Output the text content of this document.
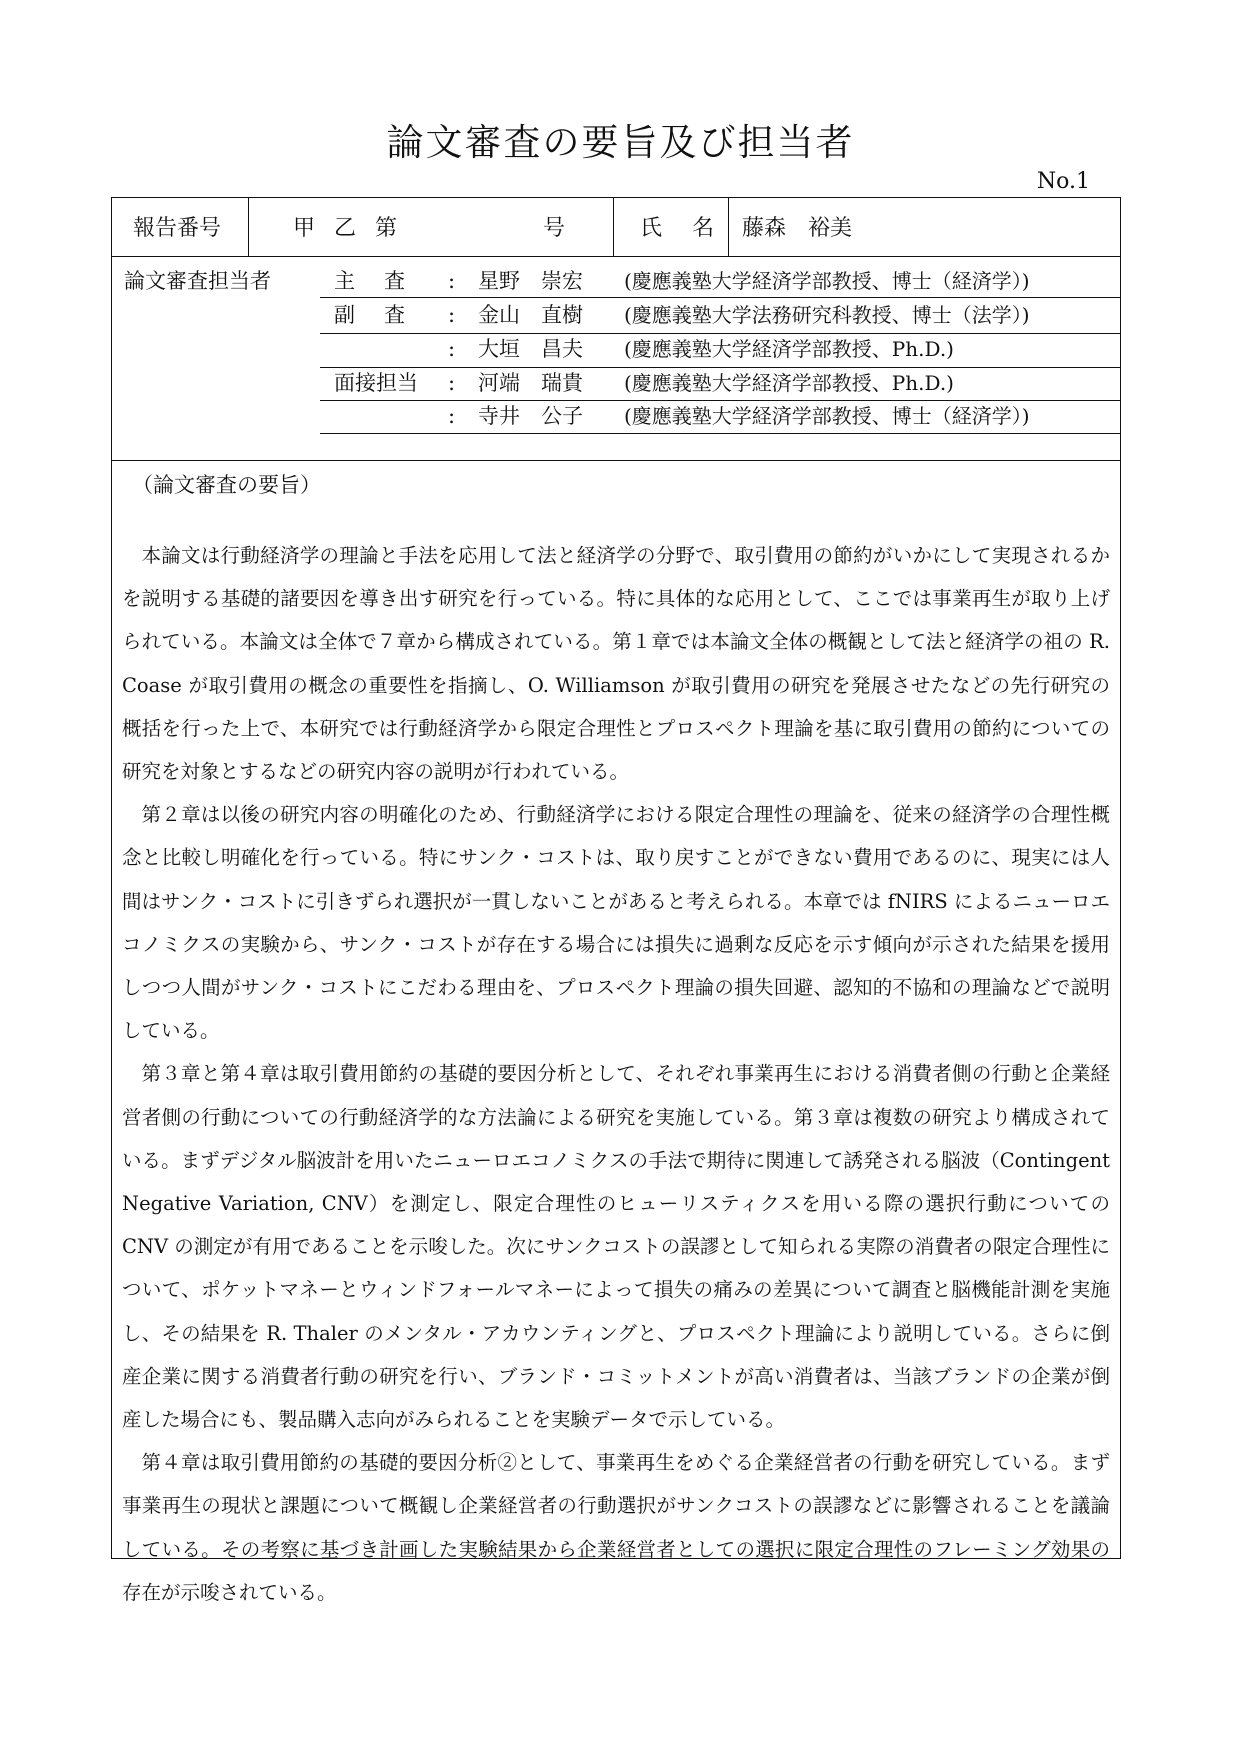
論文審査の要旨及び担当者
No.1
報告番号	甲 乙 第　　　　　号	氏　名 藤森　裕美
論文審査担当者	主　査 : 星野　崇宏 (慶應義塾大学経済学部教授、博士（経済学）)
副　査 : 金山　直樹 (慶應義塾大学法務研究科教授、博士（法学）)
: 大垣　昌夫 (慶應義塾大学経済学部教授、Ph.D.)
面接担当 : 河端　瑞貴 (慶應義塾大学経済学部教授、Ph.D.)
: 寺井　公子 (慶應義塾大学経済学部教授、博士（経済学）)
（論文審査の要旨）

本論文は行動経済学の理論と手法を応用して法と経済学の分野で、取引費用の節約がいかにして実現されるかを説明する基礎的諸要因を導き出す研究を行っている。特に具体的な応用として、ここでは事業再生が取り上げられている。本論文は全体で７章から構成されている。第１章では本論文全体の概観として法と経済学の祖の R. Coase が取引費用の概念の重要性を指摘し、O. Williamson が取引費用の研究を発展させたなどの先行研究の概括を行った上で、本研究では行動経済学から限定合理性とプロスペクト理論を基に取引費用の節約についての研究を対象とするなどの研究内容の説明が行われている。

第２章は以後の研究内容の明確化のため、行動経済学における限定合理性の理論を、従来の経済学の合理性概念と比較し明確化を行っている。特にサンク・コストは、取り戻すことができない費用であるのに、現実には人間はサンク・コストに引きずられ選択が一貫しないことがあると考えられる。本章では fNIRS によるニューロエコノミクスの実験から、サンク・コストが存在する場合には損失に過剰な反応を示す傾向が示された結果を援用しつつ人間がサンク・コストにこだわる理由を、プロスペクト理論の損失回避、認知的不協和の理論などで説明している。

第３章と第４章は取引費用節約の基礎的要因分析として、それぞれ事業再生における消費者側の行動と企業経営者側の行動についての行動経済学的な方法論による研究を実施している。第３章は複数の研究より構成されている。まずデジタル脳波計を用いたニューロエコノミクスの手法で期待に関連して誘発される脳波（Contingent Negative Variation, CNV）を測定し、限定合理性のヒューリスティクスを用いる際の選択行動についての CNV の測定が有用であることを示唆した。次にサンクコストの誤謬として知られる実際の消費者の限定合理性について、ポケットマネーとウィンドフォールマネーによって損失の痛みの差異について調査と脳機能計測を実施し、その結果を R. Thaler のメンタル・アカウンティングと、プロスペクト理論により説明している。さらに倒産企業に関する消費者行動の研究を行い、ブランド・コミットメントが高い消費者は、当該ブランドの企業が倒産した場合にも、製品購入志向がみられることを実験データで示している。

第４章は取引費用節約の基礎的要因分析②として、事業再生をめぐる企業経営者の行動を研究している。まず事業再生の現状と課題について概観し企業経営者の行動選択がサンクコストの誤謬などに影響されることを議論している。その考察に基づき計画した実験結果から企業経営者としての選択に限定合理性のフレーミング効果の存在が示唆されている。
